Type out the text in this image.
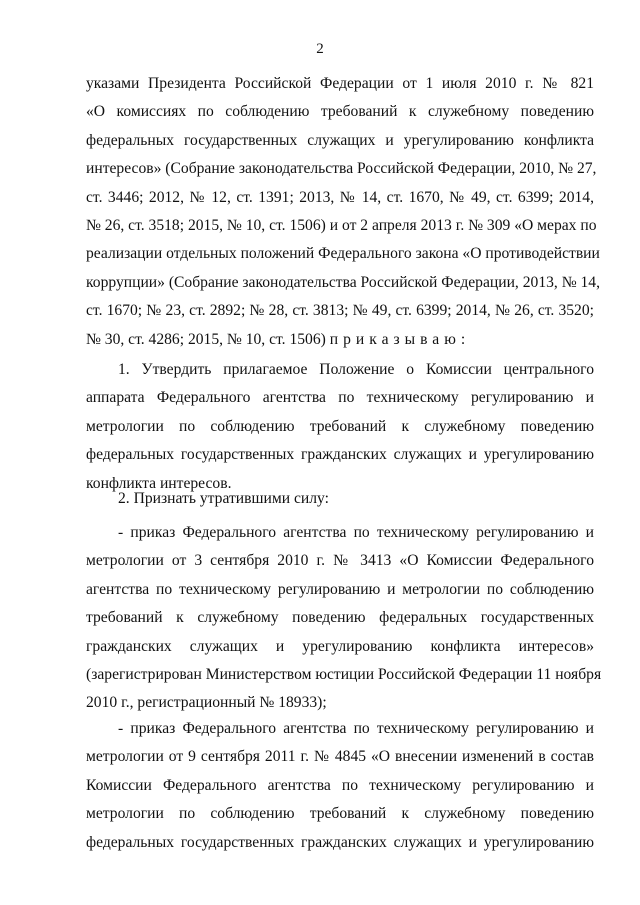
2
указами Президента Российской Федерации от 1 июля 2010 г. № 821
«О комиссиях по соблюдению требований к служебному поведению
федеральных государственных служащих и урегулированию конфликта
интересов» (Собрание законодательства Российской Федерации, 2010, № 27,
ст. 3446; 2012, № 12, ст. 1391; 2013, № 14, ст. 1670, № 49, ст. 6399; 2014,
№ 26, ст. 3518; 2015, № 10, ст. 1506) и от 2 апреля 2013 г. № 309 «О мерах по
реализации отдельных положений Федерального закона «О противодействии
коррупции» (Собрание законодательства Российской Федерации, 2013, № 14,
ст. 1670; № 23, ст. 2892; № 28, ст. 3813; № 49, ст. 6399; 2014, № 26, ст. 3520;
№ 30, ст. 4286; 2015, № 10, ст. 1506) приказываю:
1. Утвердить прилагаемое Положение о Комиссии центрального
аппарата Федерального агентства по техническому регулированию и
метрологии по соблюдению требований к служебному поведению
федеральных государственных гражданских служащих и урегулированию
конфликта интересов.
2. Признать утратившими силу:
- приказ Федерального агентства по техническому регулированию и
метрологии от 3 сентября 2010 г. № 3413 «О Комиссии Федерального
агентства по техническому регулированию и метрологии по соблюдению
требований к служебному поведению федеральных государственных
гражданских служащих и урегулированию конфликта интересов»
(зарегистрирован Министерством юстиции Российской Федерации 11 ноября
2010 г., регистрационный № 18933);
- приказ Федерального агентства по техническому регулированию и
метрологии от 9 сентября 2011 г. № 4845 «О внесении изменений в состав
Комиссии Федерального агентства по техническому регулированию и
метрологии по соблюдению требований к служебному поведению
федеральных государственных гражданских служащих и урегулированию
